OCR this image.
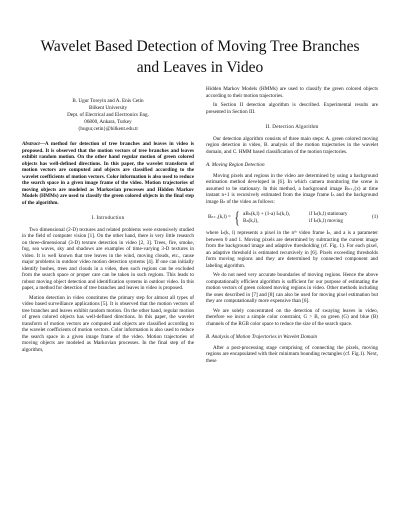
Wavelet Based Detection of Moving Tree Branches
and Leaves in Video
B. Ugur Toreyin and A. Enis Cetin
Bilkent University
Dept. of Electrical and Electronics Eng.
06800, Ankara, Turkey
{bugur,cetin}@bilkent.edu.tr
Abstract—A method for detection of tree branches and leaves in video is proposed. It is observed that the motion vectors of tree branches and leaves exhibit random motion. On the other hand regular motion of green colored objects has well-defined directions. In this paper, the wavelet transform of motion vectors are computed and objects are classified according to the wavelet coefficients of motion vectors. Color information is also used to reduce the search space in a given image frame of the video. Motion trajectories of moving objects are modeled as Markovian processes and Hidden Markov Models (HMMs) are used to classify the green colored objects in the final step of the algorithm.
I. Introduction

Two dimensional (2-D) textures and related problems were extensively studied in the field of computer vision [1]. On the other hand, there is very little research on three-dimensional (3-D) texture detection in video [2, 3]. Trees, fire, smoke, fog, sea waves, sky and shadows are examples of time-varying 3-D textures in video. It is well known that tree leaves in the wind, moving clouds, etc., cause major problems in outdoor video motion detection systems [4]. If one can initially identify bushes, trees and clouds in a video, then such regions can be excluded from the search space or proper care can be taken in such regions. This leads to robust moving object detection and identification systems in outdoor video. In this paper, a method for detection of tree branches and leaves in video is proposed.

Motion detection in video constitutes the primary step for almost all types of video based surveillance applications [5]. It is observed that the motion vectors of tree branches and leaves exhibit random motion. On the other hand, regular motion of green colored objects has well-defined directions. In this paper, the wavelet transform of motion vectors are computed and objects are classified according to the wavelet coefficients of motion vectors. Color information is also used to reduce the search space in a given image frame of the video. Motion trajectories of moving objects are modeled as Markovian processes. In the final step of the algorithm,

Hidden Markov Models (HMMs) are used to classify the green colored objects according to their motion trajectories.

In Section II detection algorithm is described. Experimental results are presented in Section III.

II. Detection Algorithm

Our detection algorithm consists of three main steps: A. green colored moving region detection in video, B. analysis of the motion trajectories in the wavelet domain, and C. HMM based classification of the motion trajectories.

A. Moving Region Detection

Moving pixels and regions in the video are determined by using a background estimation method developed in [6]. In which camera monitoring the scene is assumed to be stationary. In this method, a background image Bₙ₊₁(x) at time instant n+1 is recursively estimated from the image frame Iₙ and the background image Bₙ of the video as follows:

Bₙ₊₁(k,l) = { aBₙ(k,l) + (1-a) Iₙ(k,l),	if Iₙ(k,l) stationary
Bₙ(k,l),	if Iₙ(k,l) moving
(1)

where Iₙ(k, l) represents a pixel in the nᵗʰ video frame Iₙ, and a is a parameter between 0 and 1. Moving pixels are determined by subtracting the current image from the background image and adaptive thresholding (cf. Fig. 1). For each pixel, an adaptive threshold is estimated recursively in [6]. Pixels exceeding thresholds form moving regions and they are determined by connected component and labeling algorithm.

We do not need very accurate boundaries of moving regions. Hence the above computationally efficient algorithm is sufficient for our purpose of estimating the motion vectors of green colored moving regions in video. Other methods including the ones described in [7] and [8] can also be used for moving pixel estimation but they are computationally more expensive than [6].

We are solely concentrated on the detection of swaying leaves in video, therefore we incur a simple color constraint, G > B, on green (G) and blue (B) channels of the RGB color space to reduce the size of the search space.

B. Analysis of Motion Trajectories in Wavelet Domain

After a post-processing stage comprising of connecting the pixels, moving regions are encapsulated with their minimum bounding rectangles (cf. Fig.1). Next, these
